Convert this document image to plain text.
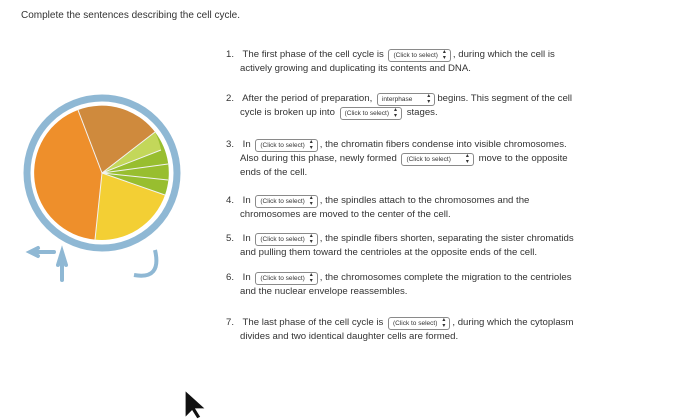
Complete the sentences describing the cell cycle.
1. The first phase of the cell cycle is (Click to select) ▴
▾ , during which the cell is
actively growing and duplicating its contents and DNA.
2. After the period of preparation, interphase ▴
▾ begins. This segment of the cell
cycle is broken up into (Click to select) ▴
▾ stages.
3. In (Click to select) ▴
▾ , the chromatin fibers condense into visible chromosomes.
Also during this phase, newly formed (Click to select) ▴
▾ move to the opposite
ends of the cell.
4. In (Click to select) ▴
▾ , the spindles attach to the chromosomes and the
chromosomes are moved to the center of the cell.
5. In (Click to select) ▴
▾ , the spindle fibers shorten, separating the sister chromatids
and pulling them toward the centrioles at the opposite ends of the cell.
6. In (Click to select) ▴
▾ , the chromosomes complete the migration to the centrioles
and the nuclear envelope reassembles.
7. The last phase of the cell cycle is (Click to select) ▴
▾ , during which the cytoplasm
divides and two identical daughter cells are formed.
